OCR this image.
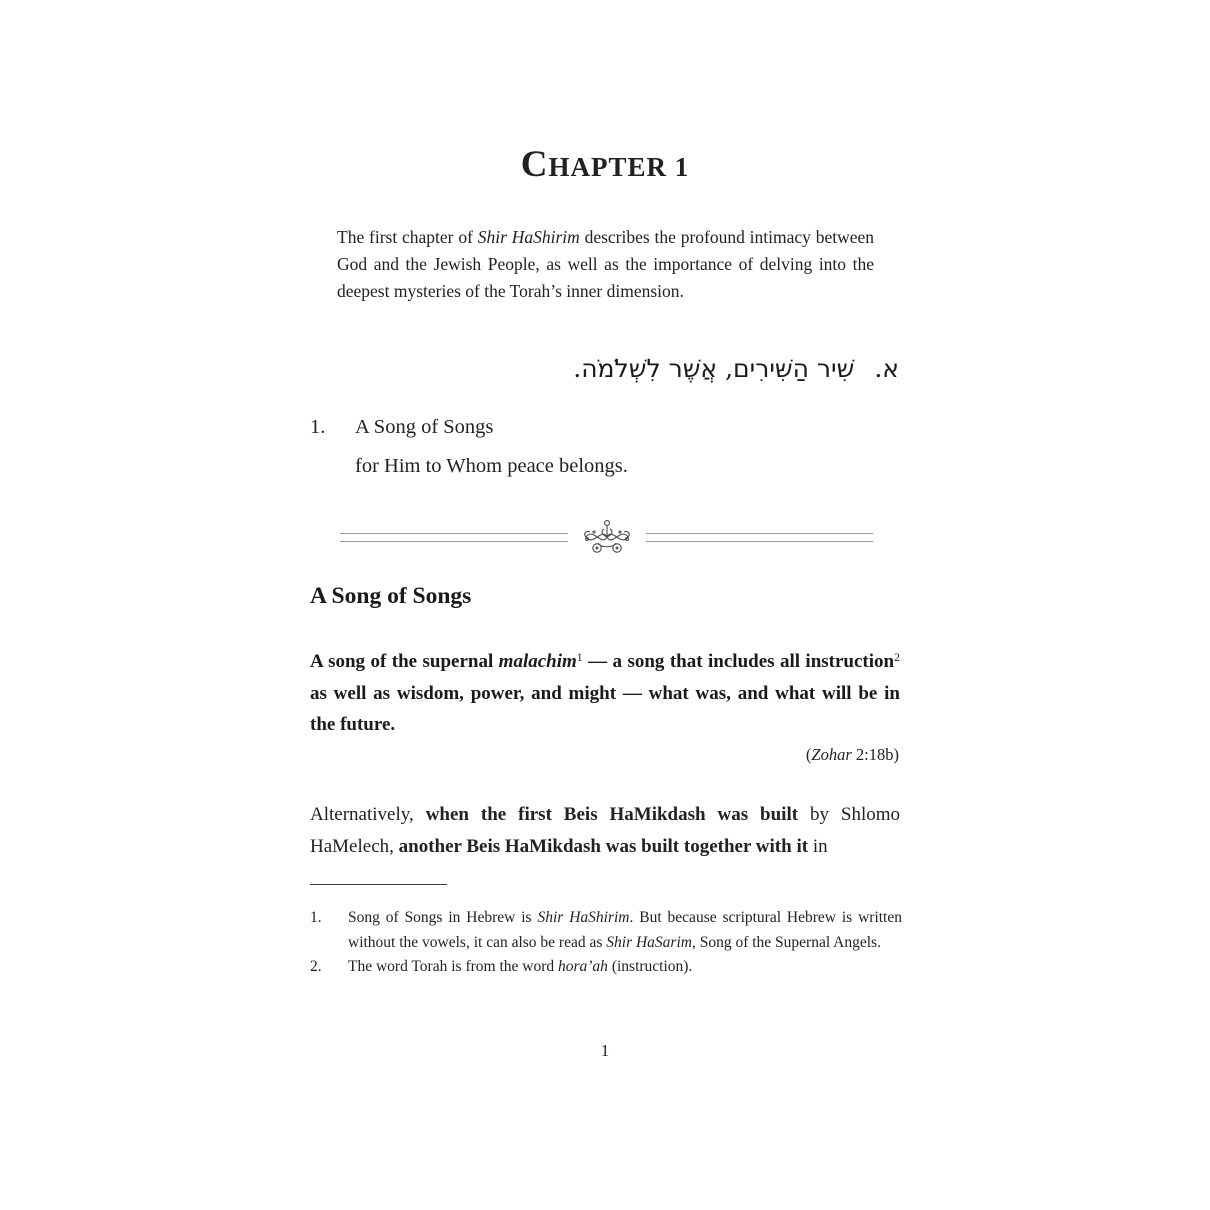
CHAPTER 1
The first chapter of Shir HaShirim describes the profound intimacy between God and the Jewish People, as well as the importance of delving into the deepest mysteries of the Torah’s inner dimension.
א.שִׁיר הַשִּׁירִים, אֲשֶׁר לִשְׁלֹמֹה.
1. A Song of Songs
for Him to Whom peace belongs.
A Song of Songs
A song of the supernal malachim$^1$ — a song that includes all instruction$^2$ as well as wisdom, power, and might — what was, and what will be in the future.
(Zohar 2:18b)
Alternatively, when the first Beis HaMikdash was built by Shlomo HaMelech, another Beis HaMikdash was built together with it in
1.	Song of Songs in Hebrew is Shir HaShirim. But because scriptural Hebrew is written without the vowels, it can also be read as Shir HaSarim, Song of the Supernal Angels.
2.	The word Torah is from the word hora’ah (instruction).
1
